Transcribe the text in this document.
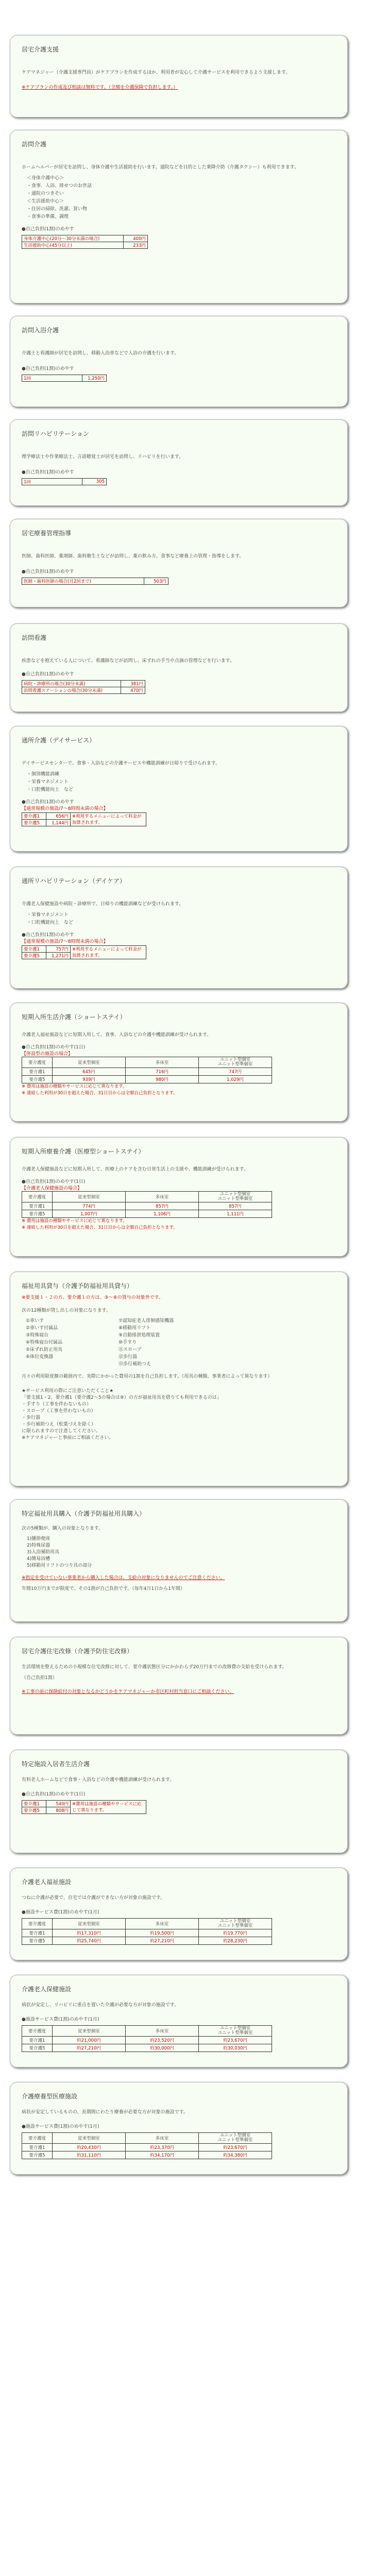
居宅介護支援
ケアマネジャー（介護支援専門員）がケアプランを作成するほか、利用者が安心して介護サービスを利用できるよう支援します。
※ケアプランの作成及び相談は無料です。（全額を介護保険で負担します。）
訪問介護
ホームヘルパーが居宅を訪問し、身体介護や生活援助を行います。通院などを目的とした乗降介助（介護タクシー）も利用できます。
＜身体介護中心＞
・食事、入浴、排せつのお世話
・通院のつきそい
＜生活援助中心＞
・住居の掃除、洗濯、買い物
・食事の準備、調理
●自己負担(1割)のめやす
身体介護中心(20分～30分未満の場合)	400円
生活援助中心(45分以上)	233円
訪問入浴介護
介護士と看護師が居宅を訪問し、移動入浴車などで入浴の介護を行います。
●自己負担(1割)のめやす
1回	1,250円
訪問リハビリテーション
理学療法士や作業療法士、言語聴覚士が居宅を訪問し、リハビリを行います。
●自己負担(1割)のめやす
1回	305
居宅療養管理指導
医師、歯科医師、薬剤師、歯科衛生士などが訪問し、薬の飲み方、食事など療養上の管理・指導をします。
●自己負担(1割)のめやす
医師・歯科医師の場合(月2回まで)	503円
訪問看護
疾患などを抱えている人について、看護師などが訪問し、床ずれの手当や点滴の管理などを行います。
●自己負担(1割)のめやす
病院・診療所の場合(30分未満)	381円
訪問看護ステーションの場合(30分未満)	470円
通所介護（デイサービス）
デイサービスセンターで、食事・入浴などの介護サービスや機能訓練が日帰りで受けられます。
・個別機能訓練
・栄養マネジメント
・口腔機能向上　など
●自己負担(1割)のめやす
【通常規模の施設/7～8時間未満の場合】
要介護1	656円	※利用するメニューによって料金が加算されます。
要介護5	1,144円	
通所リハビリテーション（デイケア）
介護老人保健施設や病院・診療所で、日帰りの機能訓練などが受けられます。
・栄養マネジメント
・口腔機能向上　など
●自己負担(1割)のめやす
【通常規模の施設/7～8時間未満の場合】
要介護1	757円	※利用するメニューによって料金が加算されます。
要介護5	1,271円	
短期入所生活介護（ショートステイ）
介護老人福祉施設などに短期入所して、食事、入浴などの介護や機能訓練が受けられます。
●自己負担(1割)のめやす(1日)
【併設型の施設の場合】
要介護度	従来型個室	多床室	ユニット型個室
ユニット型準個室
要介護1	645円	716円	747円
要介護5	939円	980円	1,029円
※ 費用は施設の種類やサービスに応じて異なります。
※ 連続した利用が30日を超えた場合、31日目からは全額自己負担となります。
短期入所療養介護（医療型ショートステイ）
介護老人保健施設などに短期入所して、医療上のケアを含む日常生活上の支援や、機能訓練が受けられます。
●自己負担(1割)のめやす(1日)
【介護老人保健施設の場合】
要介護度	従来型個室	多床室	ユニット型個室
ユニット型準個室
要介護1	774円	857円	857円
要介護5	1,007円	1,106円	1,111円
※ 費用は施設の種類やサービスに応じて異なります。
※ 連続した利用が30日を超えた場合、31日目からは全額自己負担となります。
福祉用具貸与（介護予防福祉用具貸与）
※要支援１・２の方、要介護１の方は、③～⑥の貸与の対象外です。
次の12種類が貸し出しの対象になります。
①車いす	⑦認知症老人徘徊感知機器
②車いす付属品	⑧移動用リフト
③特殊寝台	⑨自動排泄処理装置
④特殊寝台付属品	⑩手すり
⑤床ずれ防止用具	⑪スロープ
⑥体位変換器	⑫歩行器
⑬歩行補助つえ
月々の利用限度額の範囲内で、実際にかかった費用の1割を自己負担します。（用具の種類、事業者によって異なります）
★サービス利用の際にご注意いただくこと★
「要支援1・2、要介護1（要介護2～5の場合は⑨）の方が福祉用具を借りても利用できるのは」
・手すり（工事を伴わないもの）
・スロープ（工事を伴わないもの）
・歩行器
・歩行補助つえ（松葉づえを除く）
に限られますので注意してください。
※ケアマネジャーと事前にご相談ください。
特定福祉用具購入（介護予防福祉用具購入）
次の5種類が、購入の対象となります。
1)腰掛便座
2)特殊尿器
3)入浴補助用具
4)簡易浴槽
5)移動用リフトのつり具の部分
※指定を受けていない事業者から購入した場合は、支給の対象になりませんのでご注意ください。
年間10万円までが限度で、その1割が自己負担です。（毎年4月1日から1年間）
居宅介護住宅改修（介護予防住宅改修）
生活環境を整えるための小規模な住宅改修に対して、要介護状態区分にかかわらず20万円までの改修費の支給を受けられます。
（自己負担1割）
※工事の前に保険給付の対象となるかどうかをケアマネジャーか市区町村担当窓口にご相談ください。
特定施設入居者生活介護
有料老人ホームなどで食事・入浴などの介護や機能訓練が受けられます。
●自己負担(1割)のめやす(1日)
要介護1	540円	※費用は施設の種類やサービスに応じて異なります。
要介護5	808円	
介護老人福祉施設
つねに介護が必要で、自宅では介護ができない方が対象の施設です。
●施設サービス費(1割)のめやす(1月)
要介護度	従来型個室	多床室	ユニット型個室
ユニット型準個室
要介護1	約17,310円	約19,500円	約19,770円
要介護5	約25,740円	約27,210円	約28,230円
介護老人保健施設
病状が安定し、リハビリに重点を置いた介護が必要な方が対象の施設です。
●施設サービス費(1割)のめやす(1月)
要介護度	従来型個室	多床室	ユニット型個室
ユニット型準個室
要介護1	約21,000円	約23,520円	約23,670円
要介護5	約27,210円	約30,000円	約30,030円
介護療養型医療施設
病状が安定しているものの、長期間にわたり療養が必要な方が対象の施設です。
●施設サービス費(1割)のめやす(1月)
要介護度	従来型個室	多床室	ユニット型個室
ユニット型準個室
要介護1	約20,430円	約23,370円	約23,670円
要介護5	約31,110円	約34,170円	約34,380円
